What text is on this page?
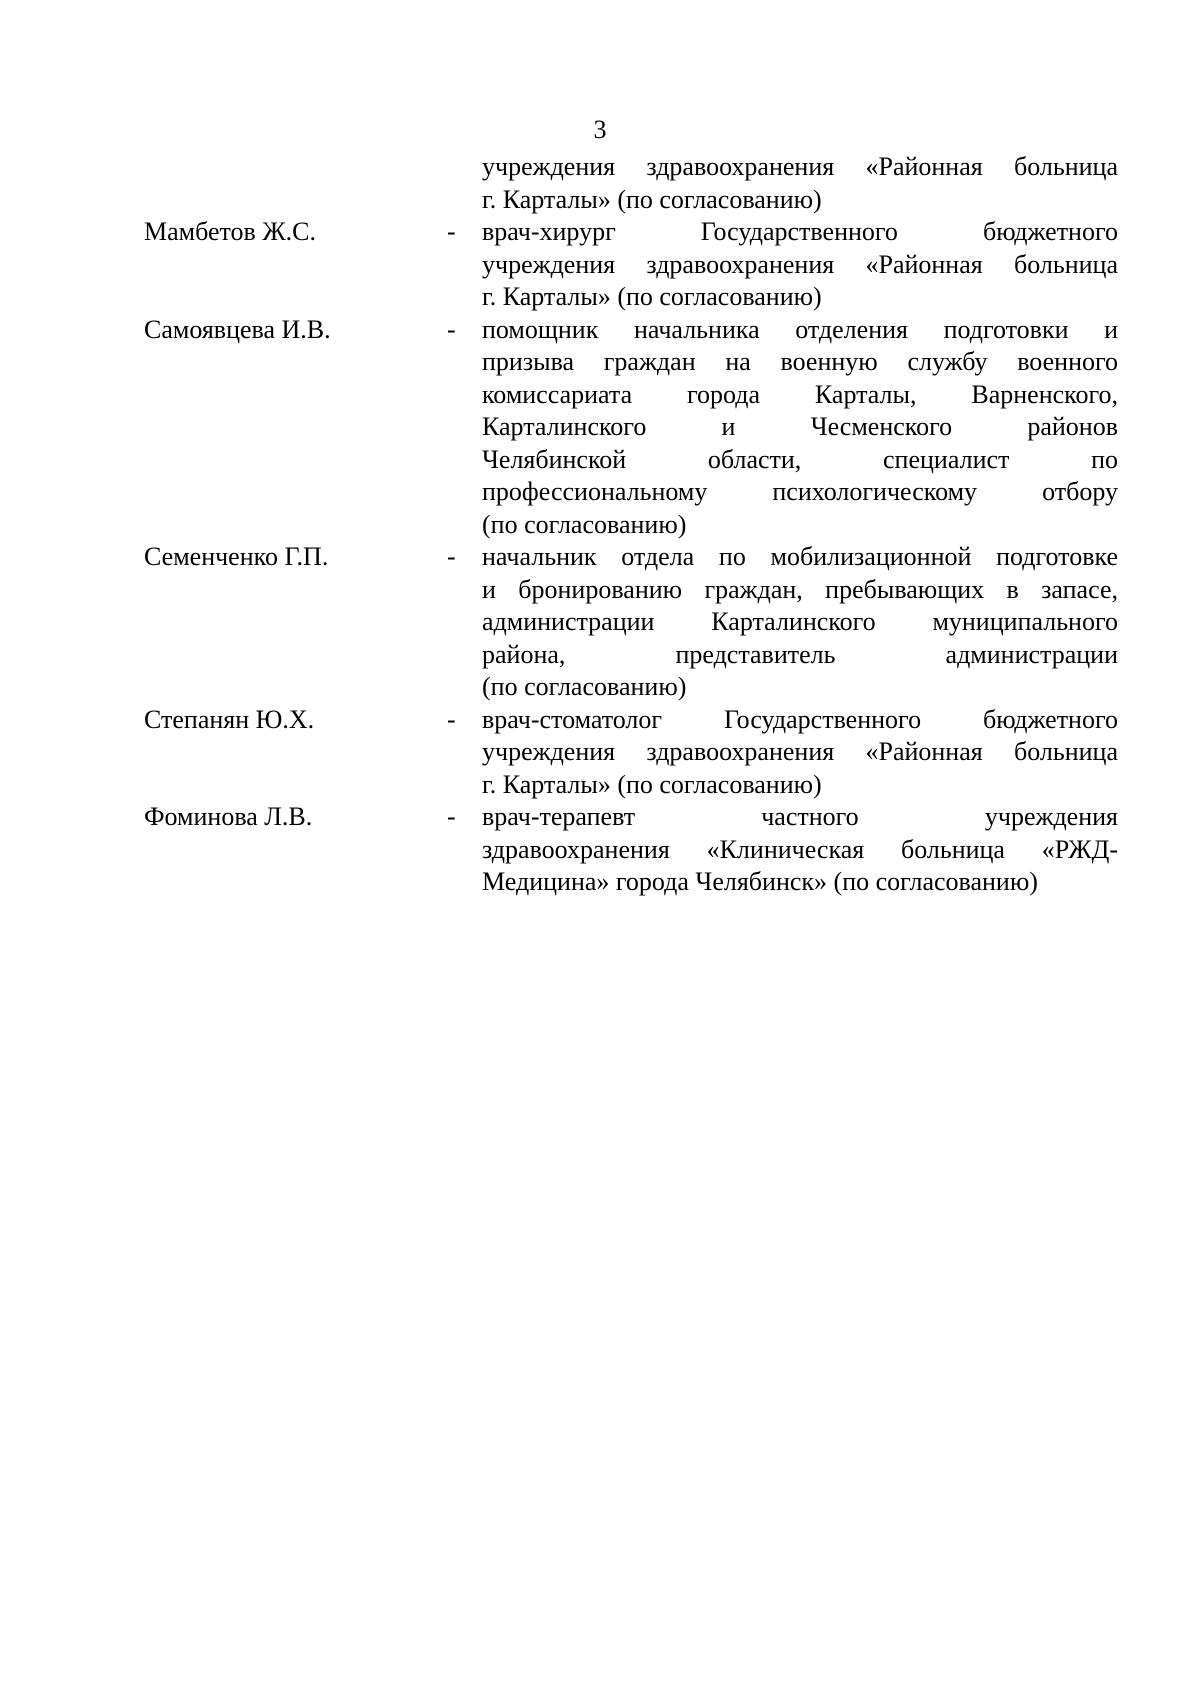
3
учреждения здравоохранения «Районная больница
г. Карталы» (по согласованию)
Мамбетов Ж.С.	-	врач-хирург Государственного бюджетного
учреждения здравоохранения «Районная больница
г. Карталы» (по согласованию)
Самоявцева И.В.	-	помощник начальника отделения подготовки и
призыва граждан на военную службу военного
комиссариата города Карталы, Варненского,
Карталинского и Чесменского районов
Челябинской области, специалист по
профессиональному психологическому отбору
(по согласованию)
Семенченко Г.П.	-	начальник отдела по мобилизационной подготовке
и бронированию граждан, пребывающих в запасе,
администрации Карталинского муниципального
района, представитель администрации
(по согласованию)
Степанян Ю.Х.	-	врач-стоматолог Государственного бюджетного
учреждения здравоохранения «Районная больница
г. Карталы» (по согласованию)
Фоминова Л.В.	-	врач-терапевт частного учреждения
здравоохранения «Клиническая больница «РЖД-
Медицина» города Челябинск» (по согласованию)
